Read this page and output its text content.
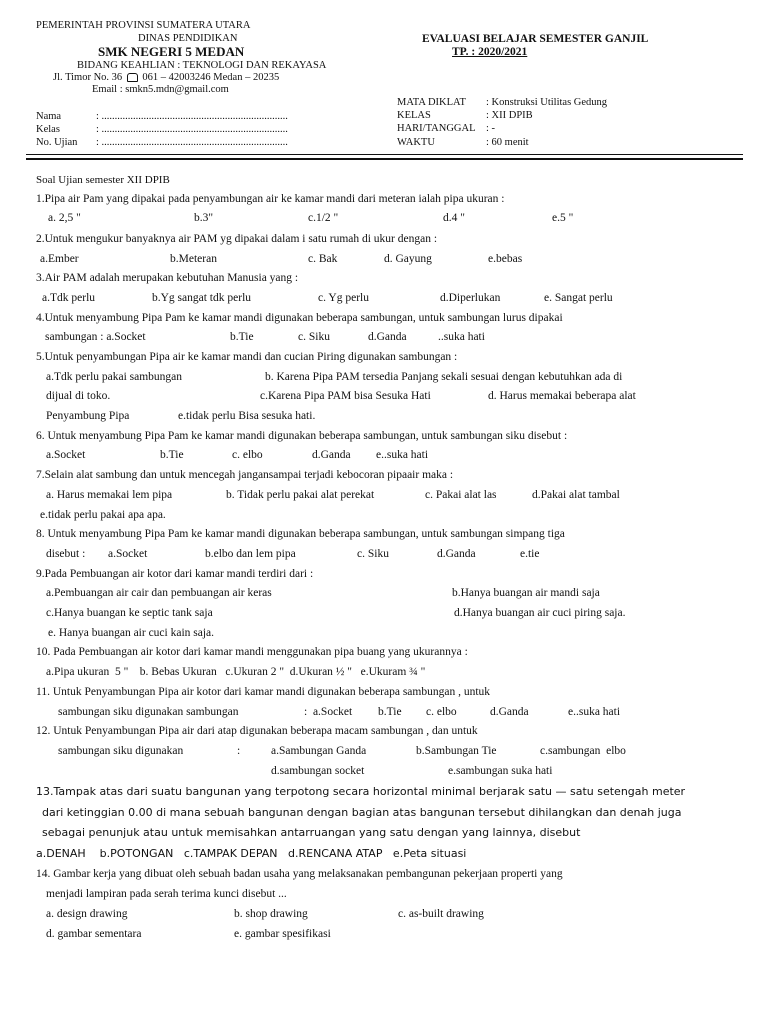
PEMERINTAH PROVINSI SUMATERA UTARA
DINAS PENDIDIKAN
SMK NEGERI 5 MEDAN
BIDANG KEAHLIAN : TEKNOLOGI DAN REKAYASA
Jl. Timor No. 36 061 – 42003246 Medan – 20235
Email : smkn5.mdn@gmail.com
EVALUASI BELAJAR SEMESTER GANJIL
TP. : 2020/2021
Nama	: .......................................................................
Kelas	: .......................................................................
No. Ujian : .......................................................................
MATA DIKLAT : Konstruksi Utilitas Gedung
KELAS	: XII DPIB
HARI/TANGGAL : -
WAKTU	: 60 menit
Soal Ujian semester XII DPIB
1.Pipa air Pam yang dipakai pada penyambungan air ke kamar mandi dari meteran ialah pipa ukuran :
a. 2,5 "	b.3"	c.1/2 "	d.4 "	e.5 "
2.Untuk mengukur banyaknya air PAM yg dipakai dalam i satu rumah di ukur dengan :
a.Ember	b.Meteran	c. Bak	d. Gayung	e.bebas
3.Air PAM adalah merupakan kebutuhan Manusia yang :
a.Tdk perlu	b.Yg sangat tdk perlu	c. Yg perlu	d.Diperlukan	e. Sangat perlu
4.Untuk menyambung Pipa Pam ke kamar mandi digunakan beberapa sambungan, untuk sambungan lurus dipakai
sambungan : a.Socket	b.Tie	c. Siku	d.Ganda	..suka hati
5.Untuk penyambungan Pipa air ke kamar mandi dan cucian Piring digunakan sambungan :
a.Tdk perlu pakai sambungan	b. Karena Pipa PAM tersedia Panjang sekali sesuai dengan kebutuhkan ada di
dijual di toko.	c.Karena Pipa PAM bisa Sesuka Hati	d. Harus memakai beberapa alat
Penyambung Pipa	e.tidak perlu Bisa sesuka hati.
6. Untuk menyambung Pipa Pam ke kamar mandi digunakan beberapa sambungan, untuk sambungan siku disebut :
a.Socket	b.Tie	c. elbo	d.Ganda e..suka hati
7.Selain alat sambung dan untuk mencegah jangansampai terjadi kebocoran pipaair maka :
a. Harus memakai lem pipa	b. Tidak perlu pakai alat perekat	c. Pakai alat las	d.Pakai alat tambal
e.tidak perlu pakai apa apa.
8. Untuk menyambung Pipa Pam ke kamar mandi digunakan beberapa sambungan, untuk sambungan simpang tiga
disebut : a.Socket	b.elbo dan lem pipa	c. Siku	d.Ganda	e.tie
9.Pada Pembuangan air kotor dari kamar mandi terdiri dari :
a.Pembuangan air cair dan pembuangan air keras	b.Hanya buangan air mandi saja
c.Hanya buangan ke septic tank saja	d.Hanya buangan air cuci piring saja.
e. Hanya buangan air cuci kain saja.
10. Pada Pembuangan air kotor dari kamar mandi menggunakan pipa buang yang ukurannya :
a.Pipa ukuran  5 "    b. Bebas Ukuran   c.Ukuran 2 "  d.Ukuran ½ "   e.Ukuram ¾ "
11. Untuk Penyambungan Pipa air kotor dari kamar mandi digunakan beberapa sambungan , untuk
sambungan siku digunakan sambungan	:  a.Socket b.Tie c. elbo	d.Ganda	e..suka hati
12. Untuk Penyambungan Pipa air dari atap digunakan beberapa macam sambungan , dan untuk
sambungan siku digunakan	:	a.Sambungan Ganda	b.Sambungan Tie	c.sambungan  elbo
d.sambungan socket	e.sambungan suka hati
13.Tampak atas dari suatu bangunan yang terpotong secara horizontal minimal berjarak satu — satu setengah meter
dari ketinggian 0.00 di mana sebuah bangunan dengan bagian atas bangunan tersebut dihilangkan dan denah juga
sebagai penunjuk atau untuk memisahkan antarruangan yang satu dengan yang lainnya, disebut
a.DENAH    b.POTONGAN   c.TAMPAK DEPAN   d.RENCANA ATAP   e.Peta situasi
14. Gambar kerja yang dibuat oleh sebuah badan usaha yang melaksanakan pembangunan pekerjaan properti yang
menjadi lampiran pada serah terima kunci disebut ...
a. design drawing	b. shop drawing	c. as-built drawing
d. gambar sementara	e. gambar spesifikasi
